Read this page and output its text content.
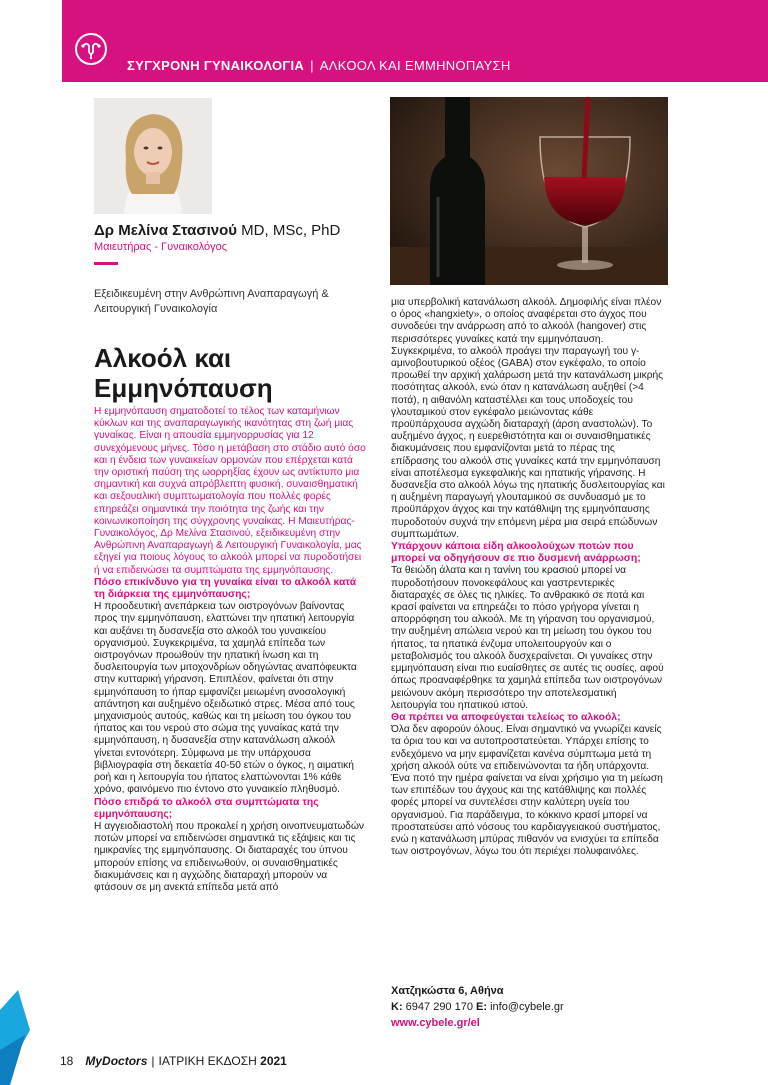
ΣΥΓΧΡΟΝΗ ΓΥΝΑΙΚΟΛΟΓΙΑ | ΑΛΚΟΟΛ ΚΑΙ ΕΜΜΗΝΟΠΑΥΣΗ
Δρ Μελίνα Στασινού MD, MSc, PhD
Μαιευτήρας - Γυναικολόγος
Εξειδικευμένη στην Ανθρώπινη Αναπαραγωγή & Λειτουργική Γυναικολογία
Αλκοόλ και Εμμηνόπαυση

Η εμμηνόπαυση σηματοδοτεί το τέλος των καταμήνιων κύκλων και της αναπαραγωγικής ικανότητας στη ζωή μιας γυναίκας. Είναι η απουσία εμμηνορρυσίας για 12 συνεχόμενους μήνες. Τόσο η μετάβαση στο στάδιο αυτό όσο και η ένδεια των γυναικείων ορμονών που επέρχεται κατά την οριστική παύση της ωορρηξίας έχουν ως αντίκτυπο μια σημαντική και συχνά απρόβλεπτη φυσική, συναισθηματική και σεξουαλική συμπτωματολογία που πολλές φορές επηρεάζει σημαντικά την ποιότητα της ζωής και την κοινωνικοποίηση της σύγχρονης γυναίκας. Η Μαιευτήρας-Γυναικολόγος, Δρ Μελίνα Στασινού, εξειδικευμένη στην Ανθρώπινη Αναπαραγωγή & Λειτουργική Γυναικολογία, μας εξηγεί για ποιους λόγους το αλκοόλ μπορεί να πυροδοτήσει ή να επιδεινώσει τα συμπτώματα της εμμηνόπαυσης.

Πόσο επικίνδυνο για τη γυναίκα είναι το αλκοόλ κατά τη διάρκεια της εμμηνόπαυσης;

Η προοδευτική ανεπάρκεια των οιστρογόνων βαίνοντας προς την εμμηνόπαυση, ελαττώνει την ηπατική λειτουργία και αυξάνει τη δυσανεξία στο αλκοόλ του γυναικείου οργανισμού. Συγκεκριμένα, τα χαμηλά επίπεδα των οιστρογόνων προωθούν την ηπατική ίνωση και τη δυσλειτουργία των μιτοχονδρίων οδηγώντας αναπόφευκτα στην κυτταρική γήρανση. Επιπλέον, φαίνεται ότι στην εμμηνόπαυση το ήπαρ εμφανίζει μειωμένη ανοσολογική απάντηση και αυξημένο οξειδωτικό στρες. Μέσα από τους μηχανισμούς αυτούς, καθώς και τη μείωση του όγκου του ήπατος και του νερού στο σώμα της γυναίκας κατά την εμμηνόπαυση, η δυσανεξία στην κατανάλωση αλκοόλ γίνεται εντονότερη. Σύμφωνα με την υπάρχουσα βιβλιογραφία στη δεκαετία 40-50 ετών ο όγκος, η αιματική ροή και η λειτουργία του ήπατος ελαττώνονται 1% κάθε χρόνο, φαινόμενο πιο έντονο στο γυναικείο πληθυσμό.

Πόσο επιδρά το αλκοόλ στα συμπτώματα της εμμηνόπαυσης;

Η αγγειοδιαστολή που προκαλεί η χρήση οινοπνευματωδών ποτών μπορεί να επιδεινώσει σημαντικά τις εξάψεις και τις ημικρανίες της εμμηνόπαυσης. Οι διαταραχές του ύπνου μπορούν επίσης να επιδεινωθούν, οι συναισθηματικές διακυμάνσεις και η αγχώδης διαταραχή μπορούν να φτάσουν σε μη ανεκτά επίπεδα μετά από

μια υπερβολική κατανάλωση αλκοόλ. Δημοφιλής είναι πλέον ο όρος «hangxiety», ο οποίος αναφέρεται στο άγχος που συνοδεύει την ανάρρωση από το αλκοόλ (hangover) στις περισσότερες γυναίκες κατά την εμμηνόπαυση. Συγκεκριμένα, το αλκοόλ προάγει την παραγωγή του γ-αμινοβουτυρικού οξέος (GABA) στον εγκέφαλο, το οποίο προωθεί την αρχική χαλάρωση μετά την κατανάλωση μικρής ποσότητας αλκοόλ, ενώ όταν η κατανάλωση αυξηθεί (>4 ποτά), η αιθανόλη καταστέλλει και τους υποδοχείς του γλουταμικού στον εγκέφαλο μειώνοντας κάθε προϋπάρχουσα αγχώδη διαταραχή (άρση αναστολών). Το αυξημένο άγχος, η ευερεθιστότητα και οι συναισθηματικές διακυμάνσεις που εμφανίζονται μετά το πέρας της επίδρασης του αλκοόλ στις γυναίκες κατά την εμμηνόπαυση είναι αποτέλεσμα εγκεφαλικής και ηπατικής γήρανσης. Η δυσανεξία στο αλκοόλ λόγω της ηπατικής δυσλειτουργίας και η αυξημένη παραγωγή γλουταμικού σε συνδυασμό με το προϋπάρχον άγχος και την κατάθλιψη της εμμηνόπαυσης πυροδοτούν συχνά την επόμενη μέρα μια σειρά επώδυνων συμπτωμάτων.

Υπάρχουν κάποια είδη αλκοολούχων ποτών που μπορεί να οδηγήσουν σε πιο δυσμενή ανάρρωση;

Τα θειώδη άλατα και η τανίνη του κρασιού μπορεί να πυροδοτήσουν πονοκεφάλους και γαστρεντερικές διαταραχές σε όλες τις ηλικίες. Το ανθρακικό σε ποτά και κρασί φαίνεται να επηρεάζει το πόσο γρήγορα γίνεται η απορρόφηση του αλκοόλ. Με τη γήρανση του οργανισμού, την αυξημένη απώλεια νερού και τη μείωση του όγκου του ήπατος, τα ηπατικά ένζυμα υπολειτουργούν και ο μεταβολισμός του αλκοόλ δυσχεραίνεται. Οι γυναίκες στην εμμηνόπαυση είναι πιο ευαίσθητες σε αυτές τις ουσίες, αφού όπως προαναφέρθηκε τα χαμηλά επίπεδα των οιστρογόνων μειώνουν ακόμη περισσότερο την αποτελεσματική λειτουργία του ηπατικού ιστού.

Θα πρέπει να αποφεύγεται τελείως το αλκοόλ;

Όλα δεν αφορούν όλους. Είναι σημαντικό να γνωρίζει κανείς τα όρια του και να αυτοπροστατεύεται. Υπάρχει επίσης το ενδεχόμενο να μην εμφανίζεται κανένα σύμπτωμα μετά τη χρήση αλκοόλ ούτε να επιδεινώνονται τα ήδη υπάρχοντα. Ένα ποτό την ημέρα φαίνεται να είναι χρήσιμο για τη μείωση των επιπέδων του άγχους και της κατάθλιψης και πολλές φορές μπορεί να συντελέσει στην καλύτερη υγεία του οργανισμού. Για παράδειγμα, το κόκκινο κρασί μπορεί να προστατεύσει από νόσους του καρδιαγγειακού συστήματος, ενώ η κατανάλωση μπύρας πιθανόν να ενισχύει τα επίπεδα των οιστρογόνων, λόγω του ότι περιέχει πολυφαινόλες.

Χατζηκώστα 6, Αθήνα
Κ: 6947 290 170 E: info@cybele.gr
www.cybele.gr/el
18 MyDoctors | ΙΑΤΡΙΚΗ ΕΚΔΟΣΗ 2021
